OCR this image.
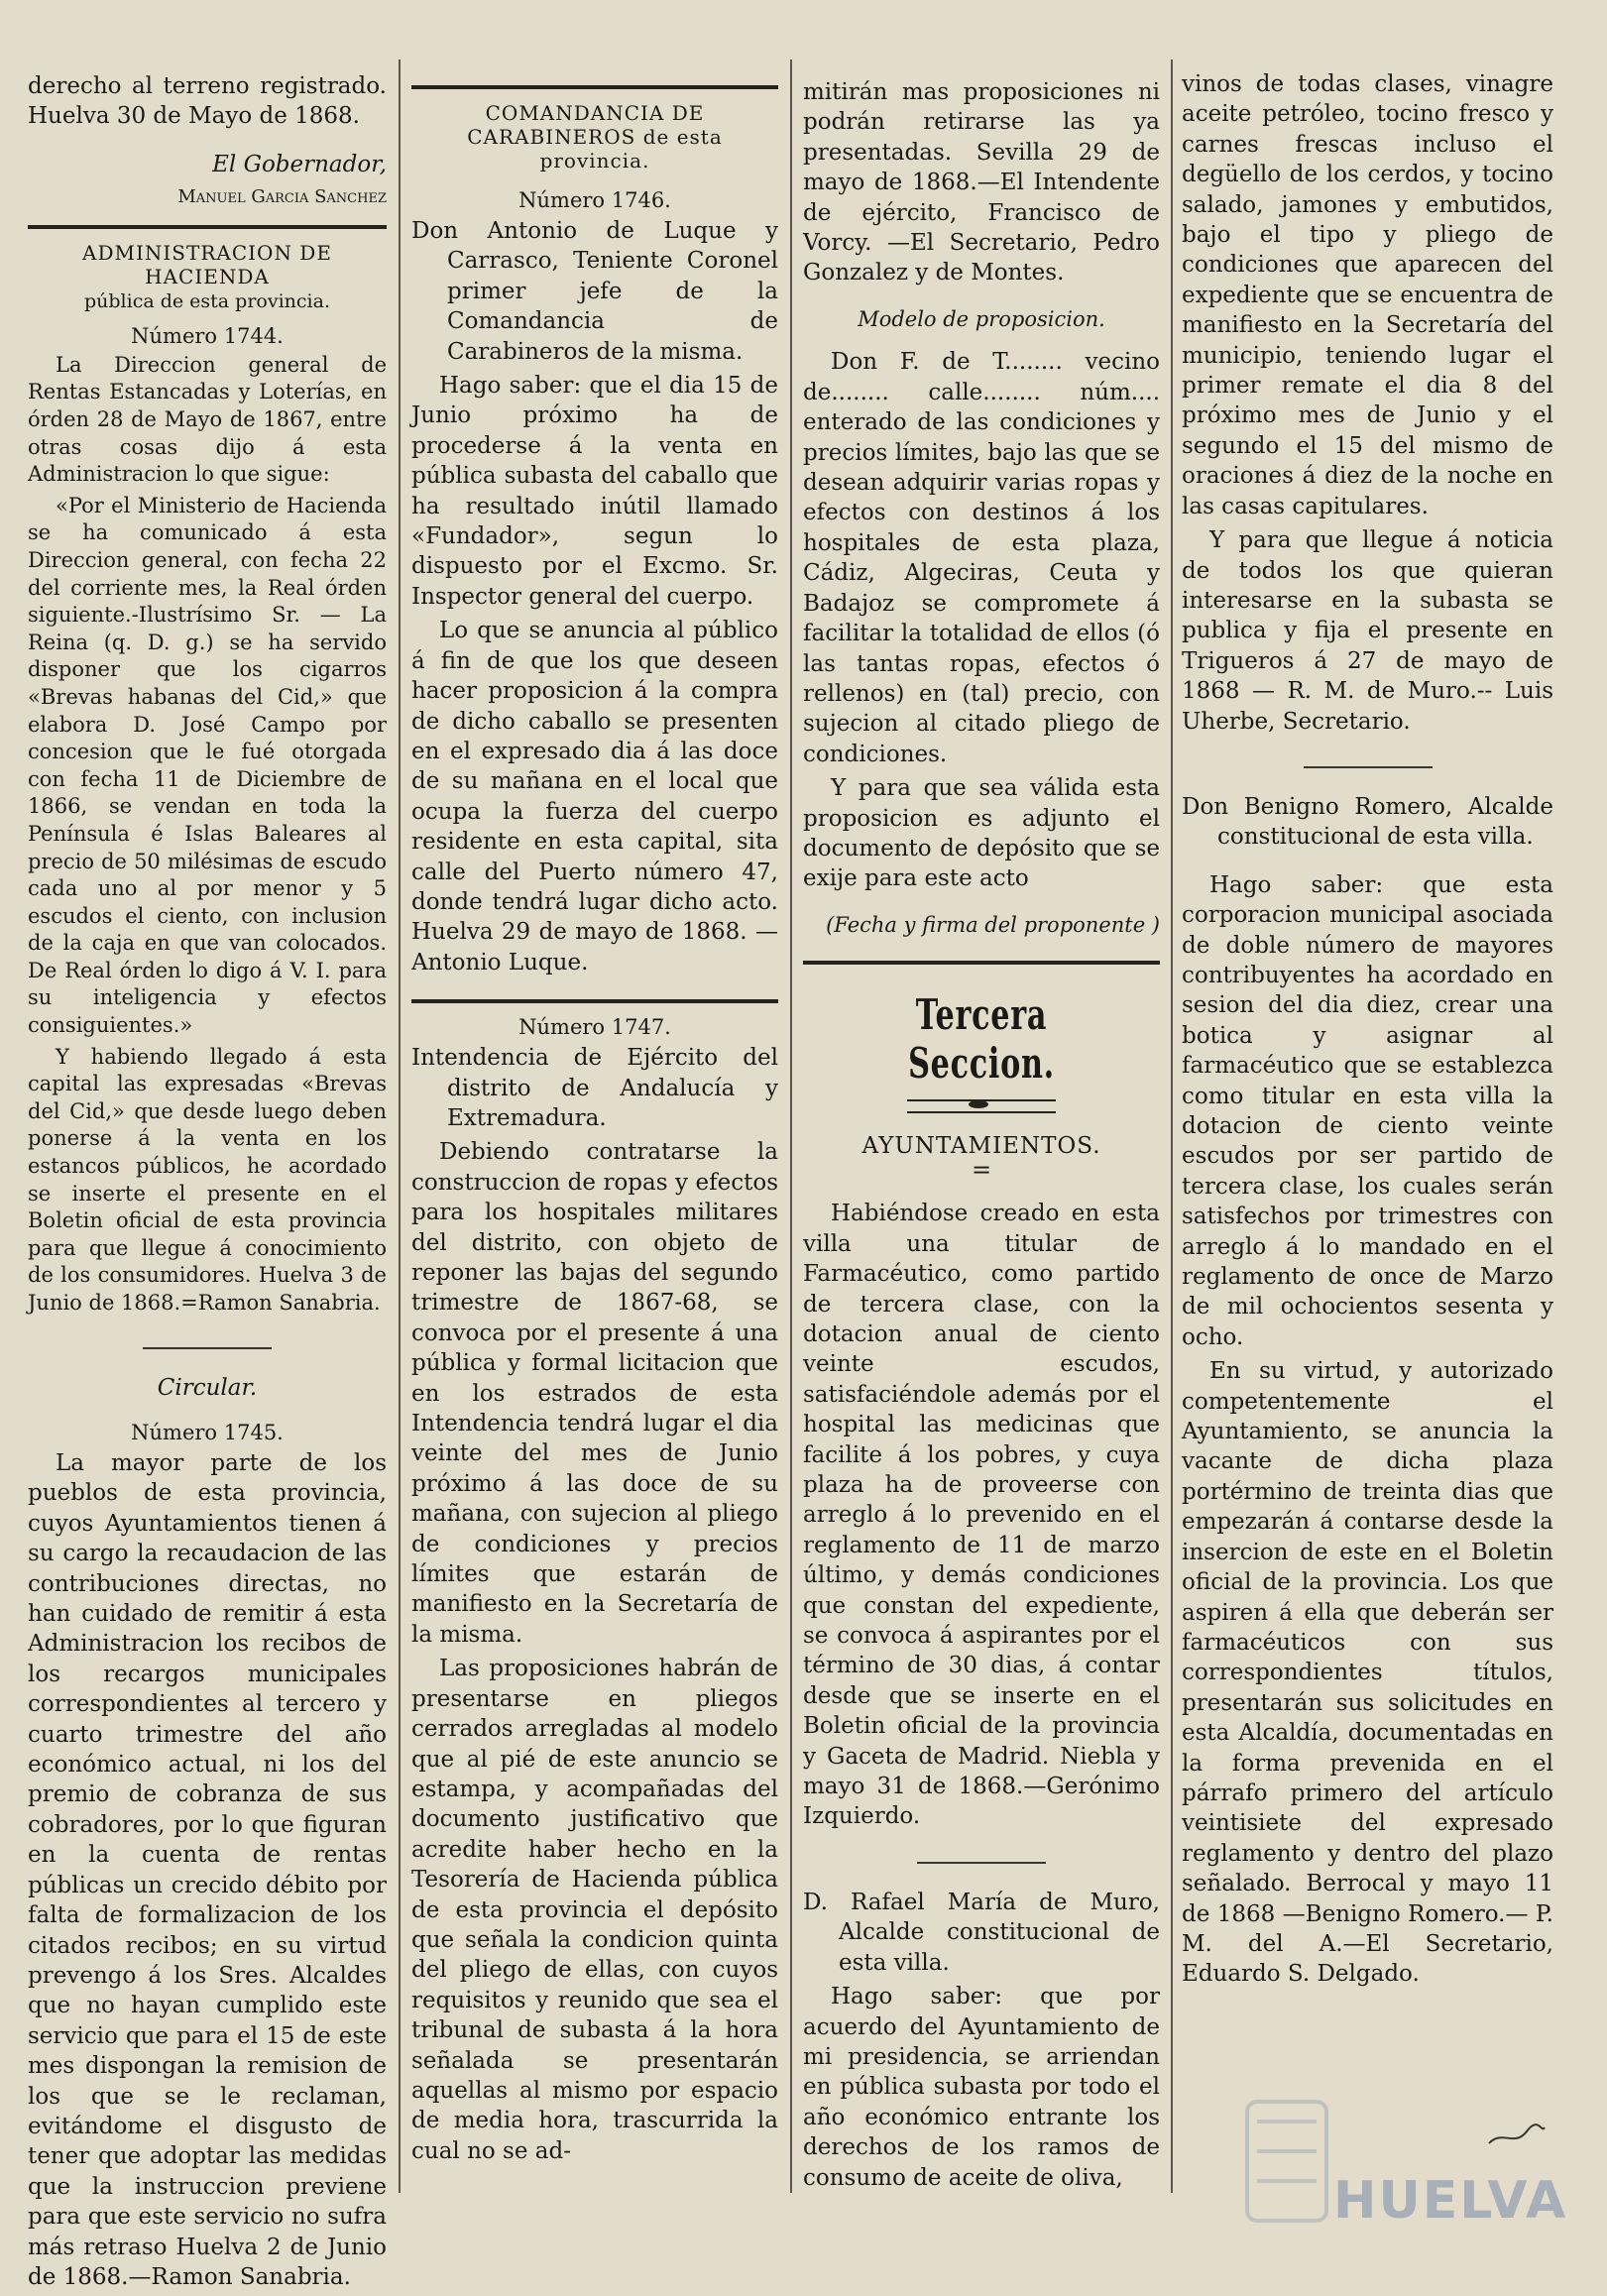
derecho al terreno registrado. Huelva 30 de Mayo de 1868.

El Gobernador,

Manuel Garcia Sanchez

ADMINISTRACION DE HACIENDA
pública de esta provincia.
Número 1744.

La Direccion general de Rentas Estancadas y Loterías, en órden 28 de Mayo de 1867, entre otras cosas dijo á esta Administracion lo que sigue:

«Por el Ministerio de Hacienda se ha comunicado á esta Direccion general, con fecha 22 del corriente mes, la Real órden siguiente.-Ilustrísimo Sr. — La Reina (q. D. g.) se ha servido disponer que los cigarros «Brevas habanas del Cid,» que elabora D. José Campo por concesion que le fué otorgada con fecha 11 de Diciembre de 1866, se vendan en toda la Península é Islas Baleares al precio de 50 milésimas de escudo cada uno al por menor y 5 escudos el ciento, con inclusion de la caja en que van colocados. De Real órden lo digo á V. I. para su inteligencia y efectos consiguientes.»

Y habiendo llegado á esta capital las expresadas «Brevas del Cid,» que desde luego deben ponerse á la venta en los estancos públicos, he acordado se inserte el presente en el Boletin oficial de esta provincia para que llegue á conocimiento de los consumidores. Huelva 3 de Junio de 1868.=Ramon Sanabria.

Circular.

Número 1745.

La mayor parte de los pueblos de esta provincia, cuyos Ayuntamientos tienen á su cargo la recaudacion de las contribuciones directas, no han cuidado de remitir á esta Administracion los recibos de los recargos municipales correspondientes al tercero y cuarto trimestre del año económico actual, ni los del premio de cobranza de sus cobradores, por lo que figuran en la cuenta de rentas públicas un crecido débito por falta de formalizacion de los citados recibos; en su virtud prevengo á los Sres. Alcaldes que no hayan cumplido este servicio que para el 15 de este mes dispongan la remision de los que se le reclaman, evitándome el disgusto de tener que adoptar las medidas que la instruccion previene para que este servicio no sufra más retraso Huelva 2 de Junio de 1868.—Ramon Sanabria.

COMANDANCIA DE CARABINEROS de esta provincia.
Número 1746.

Don Antonio de Luque y Carrasco, Teniente Coronel primer jefe de la Comandancia de Carabineros de la misma.

Hago saber: que el dia 15 de Junio próximo ha de procederse á la venta en pública subasta del caballo que ha resultado inútil llamado «Fundador», segun lo dispuesto por el Excmo. Sr. Inspector general del cuerpo.

Lo que se anuncia al público á fin de que los que deseen hacer proposicion á la compra de dicho caballo se presenten en el expresado dia á las doce de su mañana en el local que ocupa la fuerza del cuerpo residente en esta capital, sita calle del Puerto número 47, donde tendrá lugar dicho acto. Huelva 29 de mayo de 1868. — Antonio Luque.

Número 1747.

Intendencia de Ejército del distrito de Andalucía y Extremadura.

Debiendo contratarse la construccion de ropas y efectos para los hospitales militares del distrito, con objeto de reponer las bajas del segundo trimestre de 1867-68, se convoca por el presente á una pública y formal licitacion que en los estrados de esta Intendencia tendrá lugar el dia veinte del mes de Junio próximo á las doce de su mañana, con sujecion al pliego de condiciones y precios límites que estarán de manifiesto en la Secretaría de la misma.

Las proposiciones habrán de presentarse en pliegos cerrados arregladas al modelo que al pié de este anuncio se estampa, y acompañadas del documento justificativo que acredite haber hecho en la Tesorería de Hacienda pública de esta provincia el depósito que señala la condicion quinta del pliego de ellas, con cuyos requisitos y reunido que sea el tribunal de subasta á la hora señalada se presentarán aquellas al mismo por espacio de media hora, trascurrida la cual no se ad-

mitirán mas proposiciones ni podrán retirarse las ya presentadas. Sevilla 29 de mayo de 1868.—El Intendente de ejército, Francisco de Vorcy. —El Secretario, Pedro Gonzalez y de Montes.

Modelo de proposicion.

Don F. de T........ vecino de........ calle........ núm.... enterado de las condiciones y precios límites, bajo las que se desean adquirir varias ropas y efectos con destinos á los hospitales de esta plaza, Cádiz, Algeciras, Ceuta y Badajoz se compromete á facilitar la totalidad de ellos (ó las tantas ropas, efectos ó rellenos) en (tal) precio, con sujecion al citado pliego de condiciones.

Y para que sea válida esta proposicion es adjunto el documento de depósito que se exije para este acto

(Fecha y firma del proponente )

Tercera Seccion.
AYUNTAMIENTOS.
=

Habiéndose creado en esta villa una titular de Farmacéutico, como partido de tercera clase, con la dotacion anual de ciento veinte escudos, satisfaciéndole además por el hospital las medicinas que facilite á los pobres, y cuya plaza ha de proveerse con arreglo á lo prevenido en el reglamento de 11 de marzo último, y demás condiciones que constan del expediente, se convoca á aspirantes por el término de 30 dias, á contar desde que se inserte en el Boletin oficial de la provincia y Gaceta de Madrid. Niebla y mayo 31 de 1868.—Gerónimo Izquierdo.

D. Rafael María de Muro, Alcalde constitucional de esta villa.

Hago saber: que por acuerdo del Ayuntamiento de mi presidencia, se arriendan en pública subasta por todo el año económico entrante los derechos de los ramos de consumo de aceite de oliva,

vinos de todas clases, vinagre aceite petróleo, tocino fresco y carnes frescas incluso el degüello de los cerdos, y tocino salado, jamones y embutidos, bajo el tipo y pliego de condiciones que aparecen del expediente que se encuentra de manifiesto en la Secretaría del municipio, teniendo lugar el primer remate el dia 8 del próximo mes de Junio y el segundo el 15 del mismo de oraciones á diez de la noche en las casas capitulares.

Y para que llegue á noticia de todos los que quieran interesarse en la subasta se publica y fija el presente en Trigueros á 27 de mayo de 1868 — R. M. de Muro.-- Luis Uherbe, Secretario.

Don Benigno Romero, Alcalde constitucional de esta villa.

Hago saber: que esta corporacion municipal asociada de doble número de mayores contribuyentes ha acordado en sesion del dia diez, crear una botica y asignar al farmacéutico que se establezca como titular en esta villa la dotacion de ciento veinte escudos por ser partido de tercera clase, los cuales serán satisfechos por trimestres con arreglo á lo mandado en el reglamento de once de Marzo de mil ochocientos sesenta y ocho.

En su virtud, y autorizado competentemente el Ayuntamiento, se anuncia la vacante de dicha plaza portérmino de treinta dias que empezarán á contarse desde la insercion de este en el Boletin oficial de la provincia. Los que aspiren á ella que deberán ser farmacéuticos con sus correspondientes títulos, presentarán sus solicitudes en esta Alcaldía, documentadas en la forma prevenida en el párrafo primero del artículo veintisiete del expresado reglamento y dentro del plazo señalado. Berrocal y mayo 11 de 1868 —Benigno Romero.— P. M. del A.—El Secretario, Eduardo S. Delgado.

HUELVA
